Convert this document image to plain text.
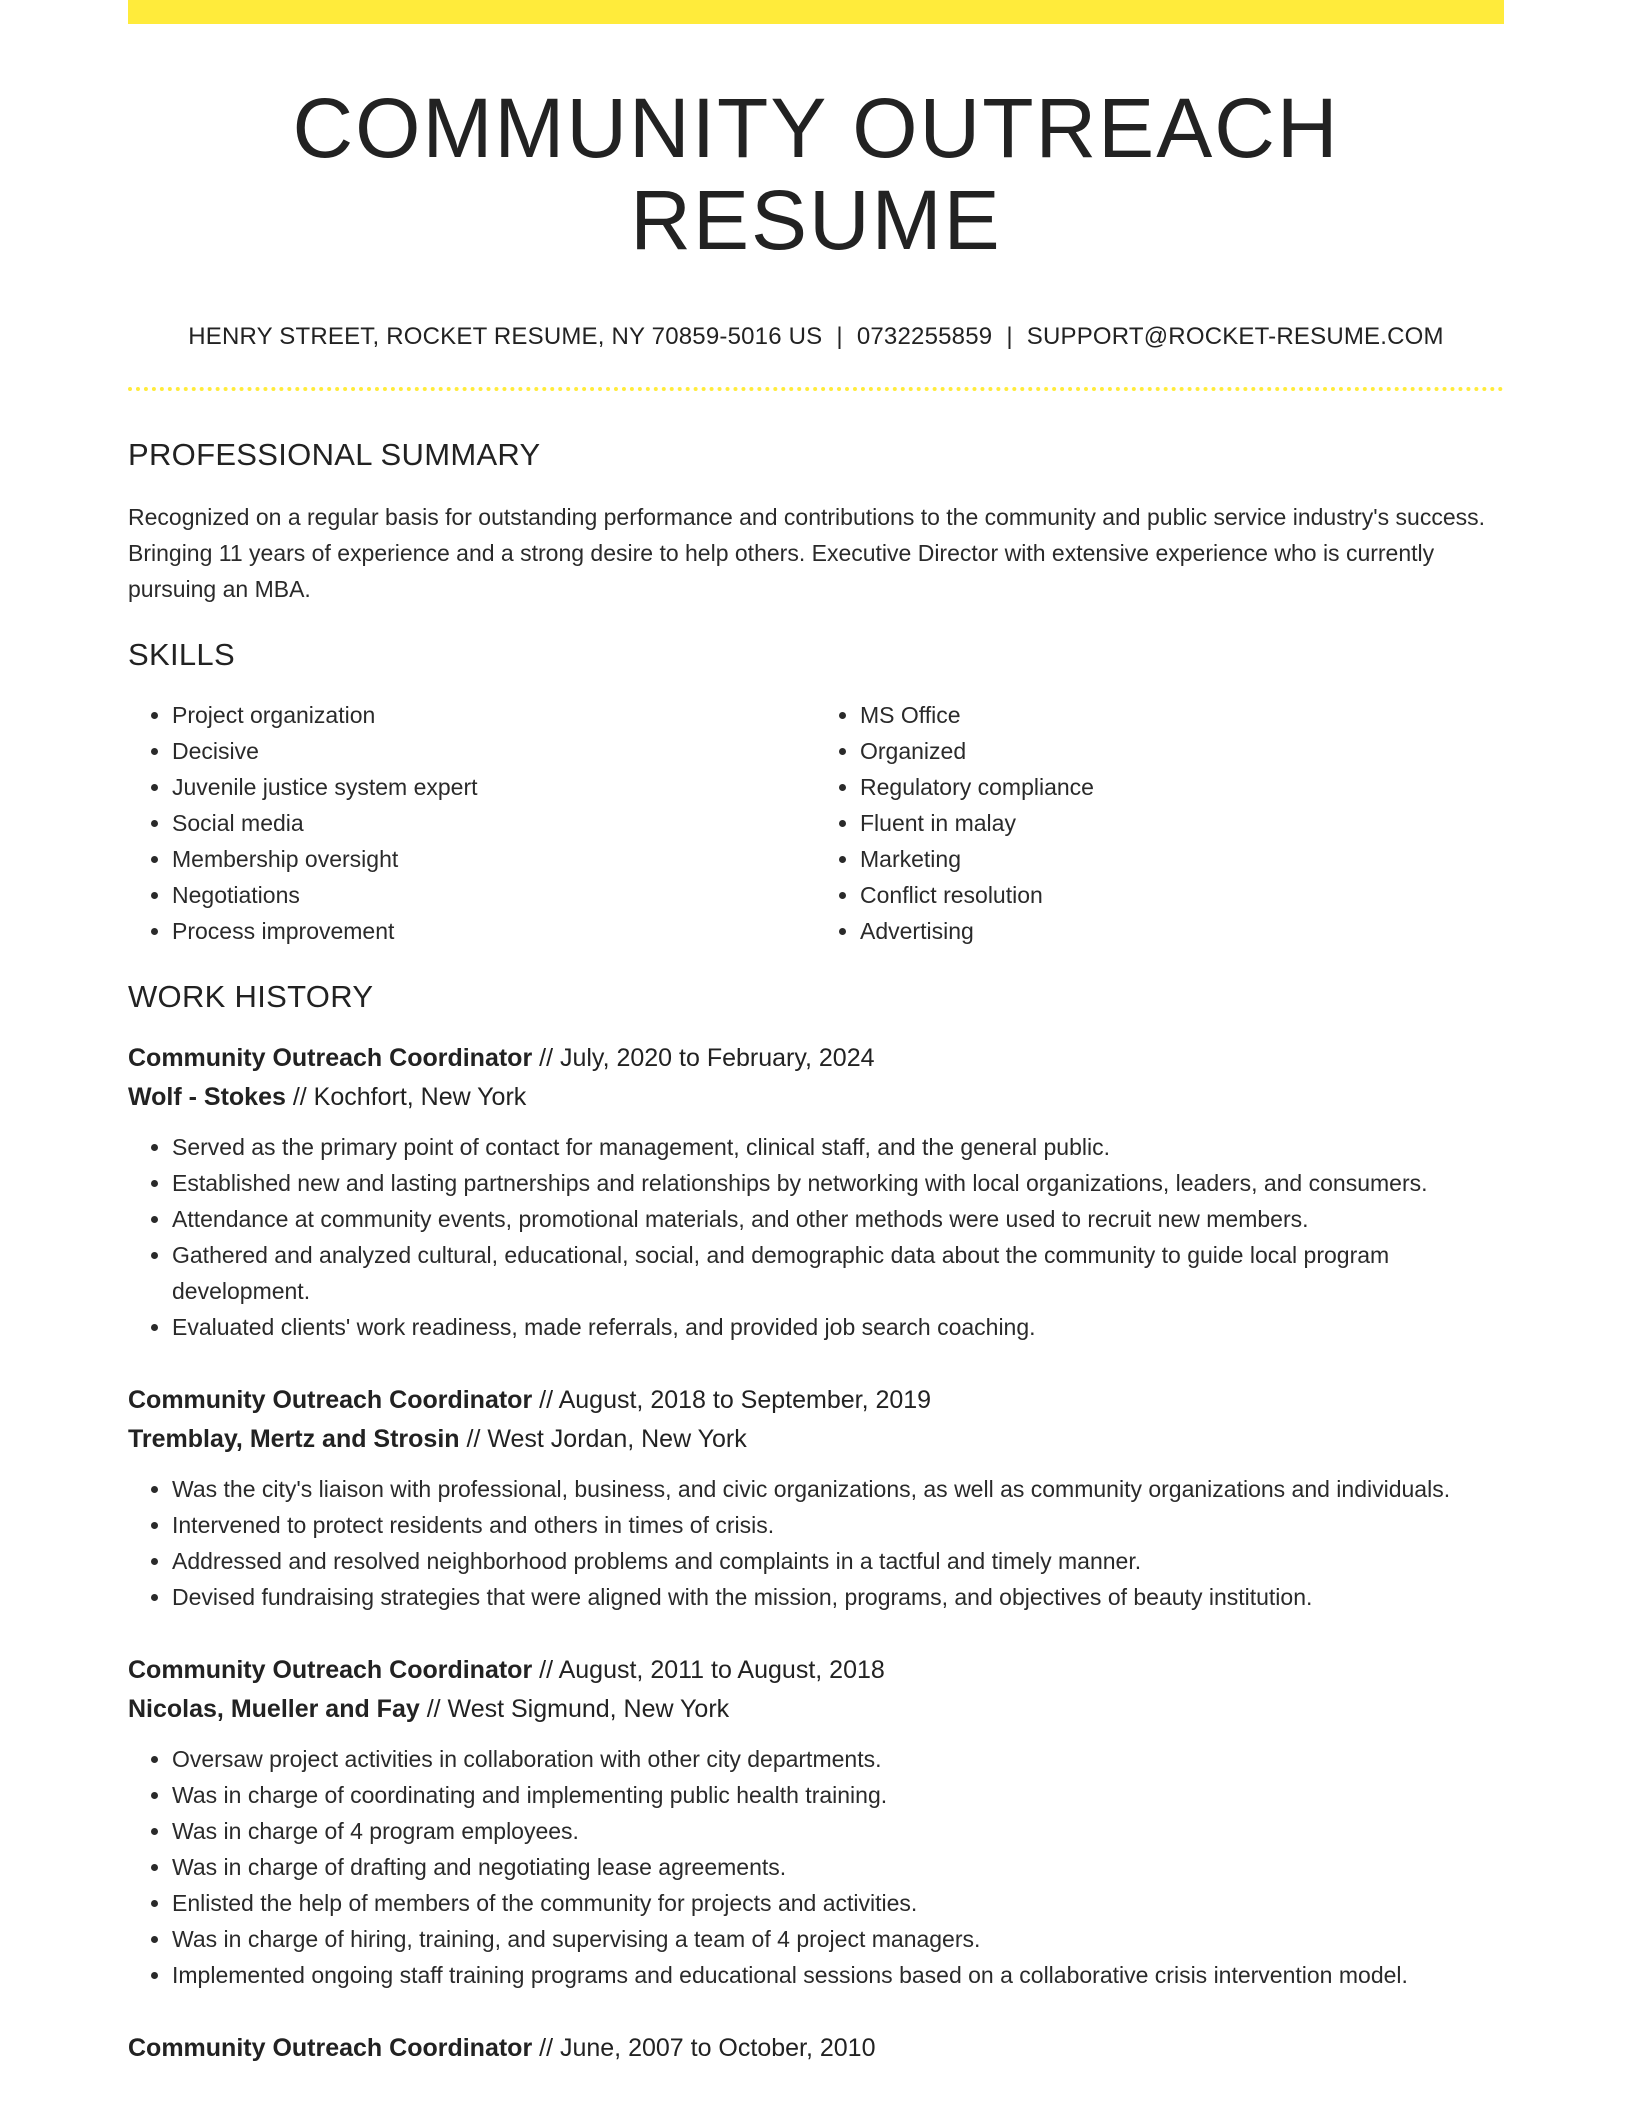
COMMUNITY OUTREACH RESUME
HENRY STREET, ROCKET RESUME, NY 70859-5016 US | 0732255859 | SUPPORT@ROCKET-RESUME.COM
PROFESSIONAL SUMMARY

Recognized on a regular basis for outstanding performance and contributions to the community and public service industry's success. Bringing 11 years of experience and a strong desire to help others. Executive Director with extensive experience who is currently pursuing an MBA.

SKILLS
• Project organization
• Decisive
• Juvenile justice system expert
• Social media
• Membership oversight
• Negotiations
• Process improvement
• MS Office
• Organized
• Regulatory compliance
• Fluent in malay
• Marketing
• Conflict resolution
• Advertising
WORK HISTORY
Community Outreach Coordinator // July, 2020 to February, 2024
Wolf - Stokes // Kochfort, New York
• Served as the primary point of contact for management, clinical staff, and the general public.
• Established new and lasting partnerships and relationships by networking with local organizations, leaders, and consumers.
• Attendance at community events, promotional materials, and other methods were used to recruit new members.
• Gathered and analyzed cultural, educational, social, and demographic data about the community to guide local program development.
• Evaluated clients' work readiness, made referrals, and provided job search coaching.
Community Outreach Coordinator // August, 2018 to September, 2019
Tremblay, Mertz and Strosin // West Jordan, New York
• Was the city's liaison with professional, business, and civic organizations, as well as community organizations and individuals.
• Intervened to protect residents and others in times of crisis.
• Addressed and resolved neighborhood problems and complaints in a tactful and timely manner.
• Devised fundraising strategies that were aligned with the mission, programs, and objectives of beauty institution.
Community Outreach Coordinator // August, 2011 to August, 2018
Nicolas, Mueller and Fay // West Sigmund, New York
• Oversaw project activities in collaboration with other city departments.
• Was in charge of coordinating and implementing public health training.
• Was in charge of 4 program employees.
• Was in charge of drafting and negotiating lease agreements.
• Enlisted the help of members of the community for projects and activities.
• Was in charge of hiring, training, and supervising a team of 4 project managers.
• Implemented ongoing staff training programs and educational sessions based on a collaborative crisis intervention model.
Community Outreach Coordinator // June, 2007 to October, 2010
